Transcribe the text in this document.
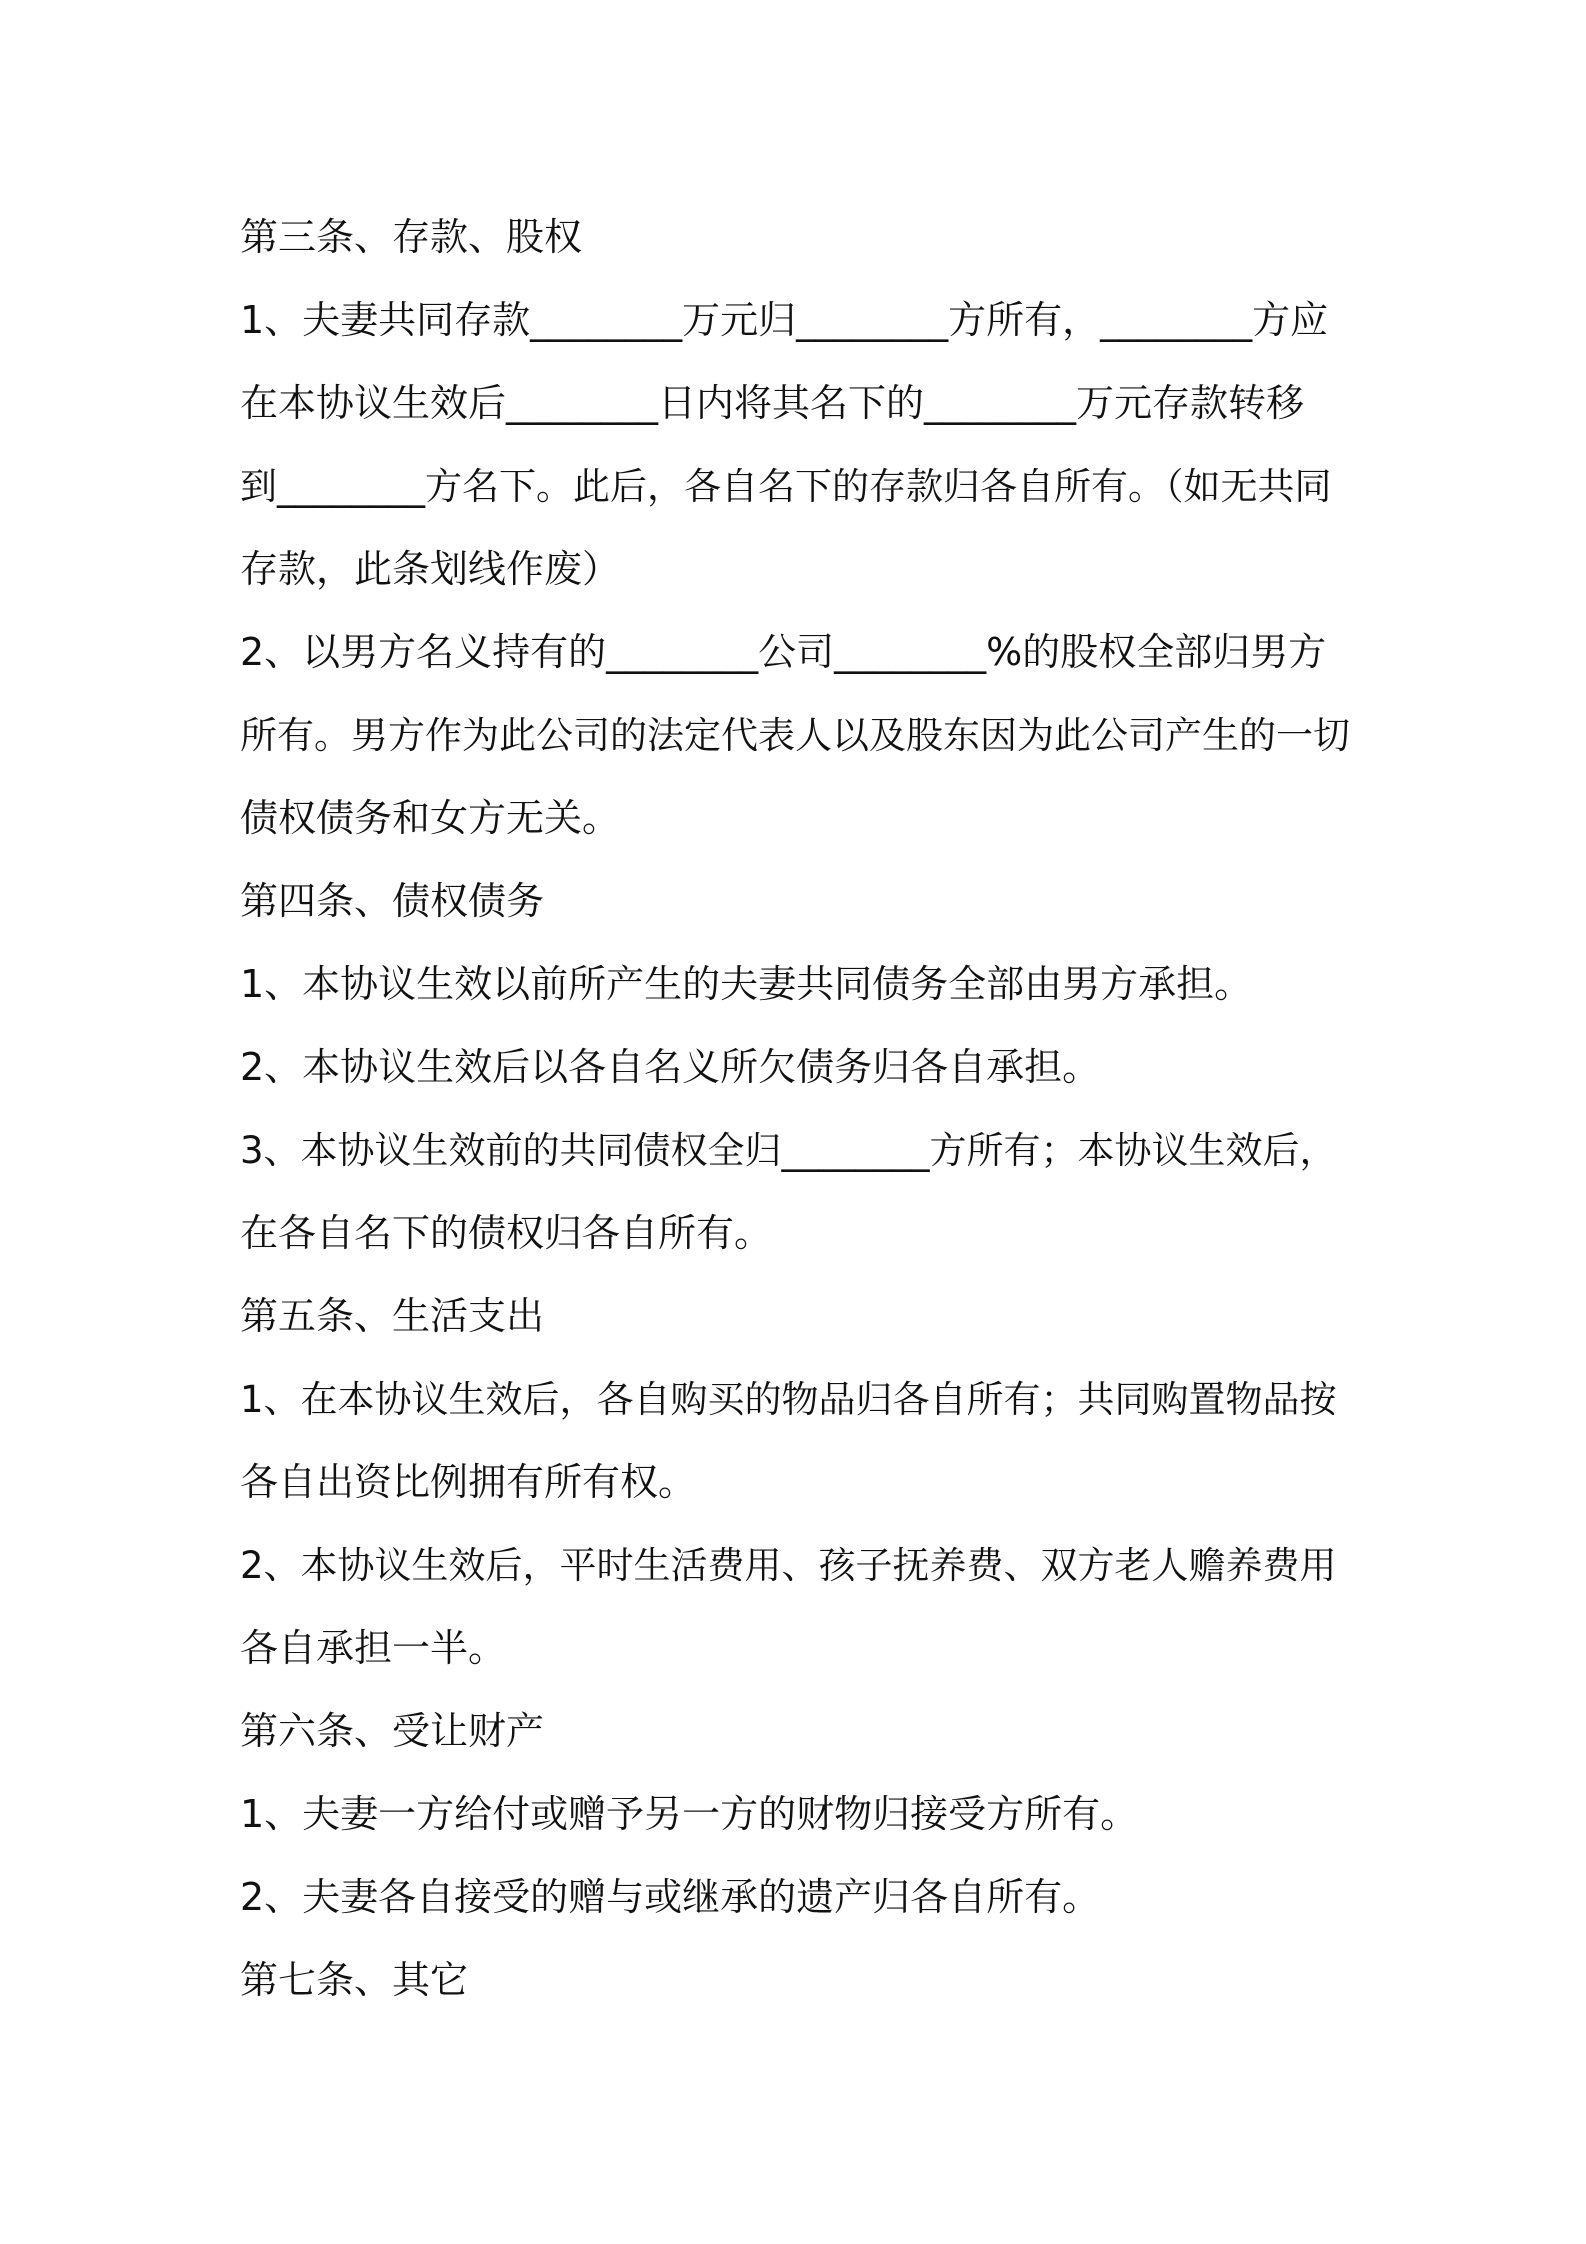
第三条、存款、股权
1、夫妻共同存款________万元归________方所有，________方应
在本协议生效后________日内将其名下的________万元存款转移
到________方名下。此后，各自名下的存款归各自所有。（如无共同
存款，此条划线作废）
2、以男方名义持有的________公司________%的股权全部归男方
所有。男方作为此公司的法定代表人以及股东因为此公司产生的一切
债权债务和女方无关。
第四条、债权债务
1、本协议生效以前所产生的夫妻共同债务全部由男方承担。
2、本协议生效后以各自名义所欠债务归各自承担。
3、本协议生效前的共同债权全归________方所有；本协议生效后，
在各自名下的债权归各自所有。
第五条、生活支出
1、在本协议生效后，各自购买的物品归各自所有；共同购置物品按
各自出资比例拥有所有权。
2、本协议生效后，平时生活费用、孩子抚养费、双方老人赡养费用
各自承担一半。
第六条、受让财产
1、夫妻一方给付或赠予另一方的财物归接受方所有。
2、夫妻各自接受的赠与或继承的遗产归各自所有。
第七条、其它
